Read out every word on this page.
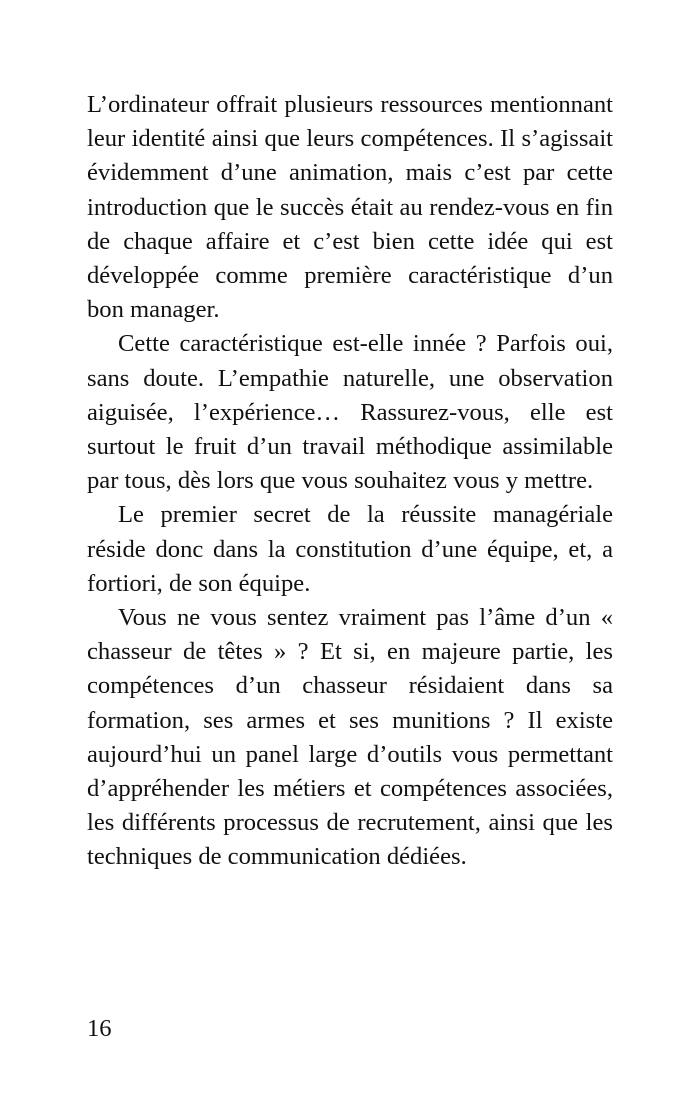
L’ordinateur offrait plusieurs ressources mentionnant leur identité ainsi que leurs compétences. Il s’agissait évidemment d’une animation, mais c’est par cette introduction que le succès était au rendez-vous en fin de chaque affaire et c’est bien cette idée qui est développée comme première caractéristique d’un bon manager.

Cette caractéristique est-elle innée ? Parfois oui, sans doute. L’empathie naturelle, une observation aiguisée, l’expérience… Rassurez-vous, elle est surtout le fruit d’un travail méthodique assimilable par tous, dès lors que vous souhaitez vous y mettre.

Le premier secret de la réussite managériale réside donc dans la constitution d’une équipe, et, a fortiori, de son équipe.

Vous ne vous sentez vraiment pas l’âme d’un « chasseur de têtes » ? Et si, en majeure partie, les compétences d’un chasseur résidaient dans sa formation, ses armes et ses munitions ? Il existe aujourd’hui un panel large d’outils vous permettant d’appréhender les métiers et compétences associées, les différents processus de recrutement, ainsi que les techniques de communication dédiées.

16
